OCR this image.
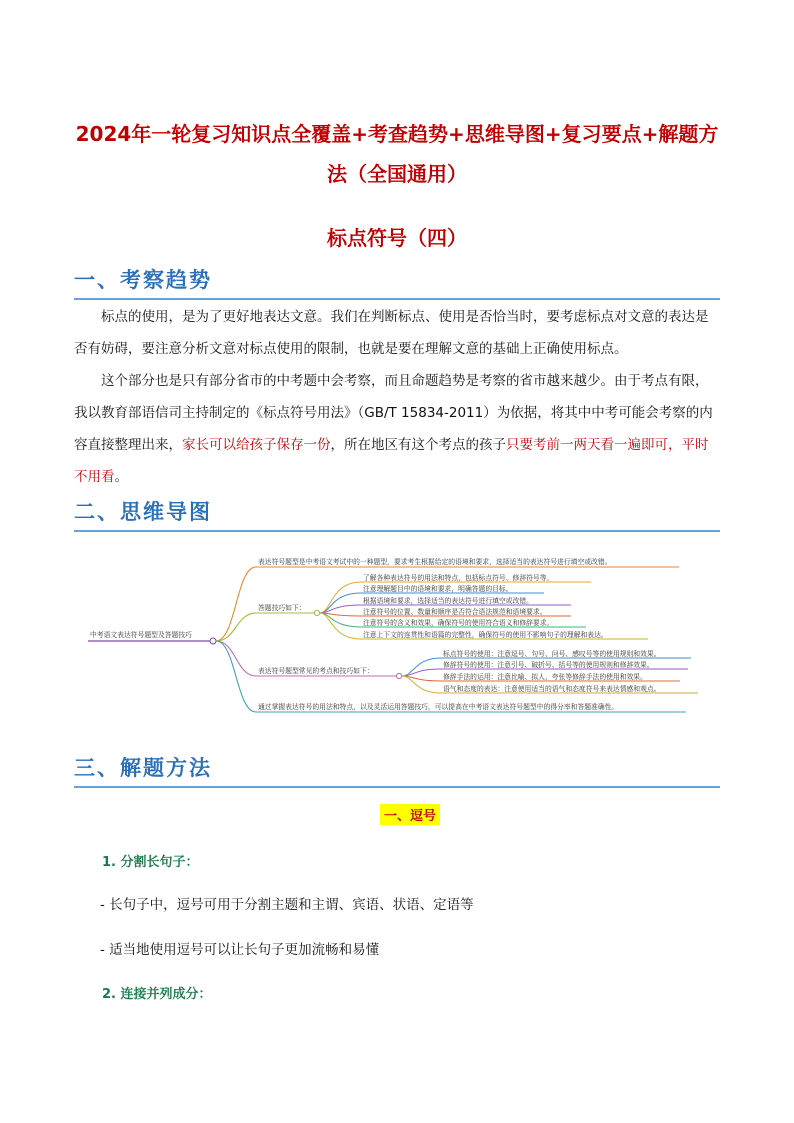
2024年一轮复习知识点全覆盖+考查趋势+思维导图+复习要点+解题方
法（全国通用）
标点符号（四）
一、考察趋势
标点的使用，是为了更好地表达文意。我们在判断标点、使用是否恰当时，要考虑标点对文意的表达是否有妨碍，要注意分析文意对标点使用的限制，也就是要在理解文意的基础上正确使用标点。
这个部分也是只有部分省市的中考题中会考察，而且命题趋势是考察的省市越来越少。由于考点有限，我以教育部语信司主持制定的《标点符号用法》（GB/T 15834-2011）为依据，将其中中考可能会考察的内容直接整理出来，家长可以给孩子保存一份，所在地区有这个考点的孩子只要考前一两天看一遍即可，平时不用看。
二、思维导图
中考语文表达符号题型及答题技巧
表达符号题型是中考语文考试中的一种题型，要求考生根据给定的语境和要求，选择适当的表达符号进行填空或改错。
答题技巧如下：
了解各种表达符号的用法和特点，包括标点符号、修辞符号等。
注意理解题目中的语境和要求，明确答题的目标。
根据语境和要求，选择适当的表达符号进行填空或改错。
注意符号的位置、数量和顺序是否符合语法规范和语境要求。
注意符号的含义和效果，确保符号的使用符合语义和修辞要求。
注意上下文的连贯性和语篇的完整性，确保符号的使用不影响句子的理解和表达。
表达符号题型常见的考点和技巧如下：
标点符号的使用：注意逗号、句号、问号、感叹号等的使用规则和效果。
修辞符号的使用：注意引号、破折号、括号等的使用规则和修辞效果。
修辞手法的运用：注意比喻、拟人、夸张等修辞手法的使用和效果。
语气和态度的表达：注意使用适当的语气和态度符号来表达情感和观点。
通过掌握表达符号的用法和特点，以及灵活运用答题技巧，可以提高在中考语文表达符号题型中的得分率和答题准确性。
三、解题方法
一、逗号
1. 分割长句子：
- 长句子中，逗号可用于分割主题和主谓、宾语、状语、定语等
- 适当地使用逗号可以让长句子更加流畅和易懂
2. 连接并列成分：
